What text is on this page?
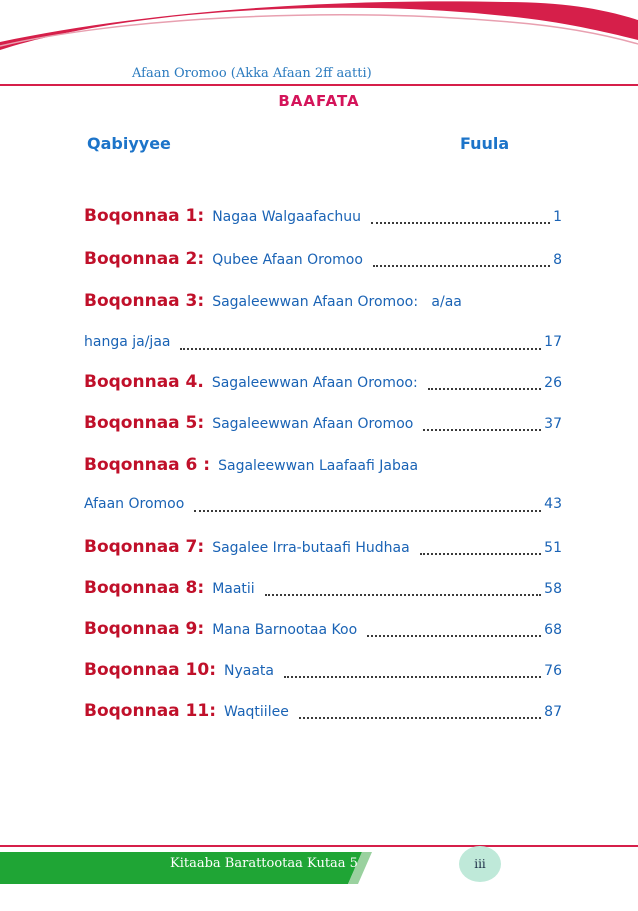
Afaan Oromoo (Akka Afaan 2ff aatti)
BAAFATA
Qabiyyee	Fuula
Boqonnaa 1: Nagaa Walgaafachuu	1
Boqonnaa 2: Qubee Afaan Oromoo	8
Boqonnaa 3: Sagaleewwan Afaan Oromoo:   a/aa
hanga ja/jaa	17
Boqonnaa 4. Sagaleewwan Afaan Oromoo:	26
Boqonnaa 5: Sagaleewwan Afaan Oromoo	37
Boqonnaa 6 : Sagaleewwan Laafaafi Jabaa
Afaan Oromoo	43
Boqonnaa 7: Sagalee Irra-butaafi Hudhaa	51
Boqonnaa 8: Maatii	58
Boqonnaa 9: Mana Barnootaa Koo	68
Boqonnaa 10: Nyaata	76
Boqonnaa 11: Waqtiilee	87
Kitaaba Barattootaa Kutaa 5	iii
